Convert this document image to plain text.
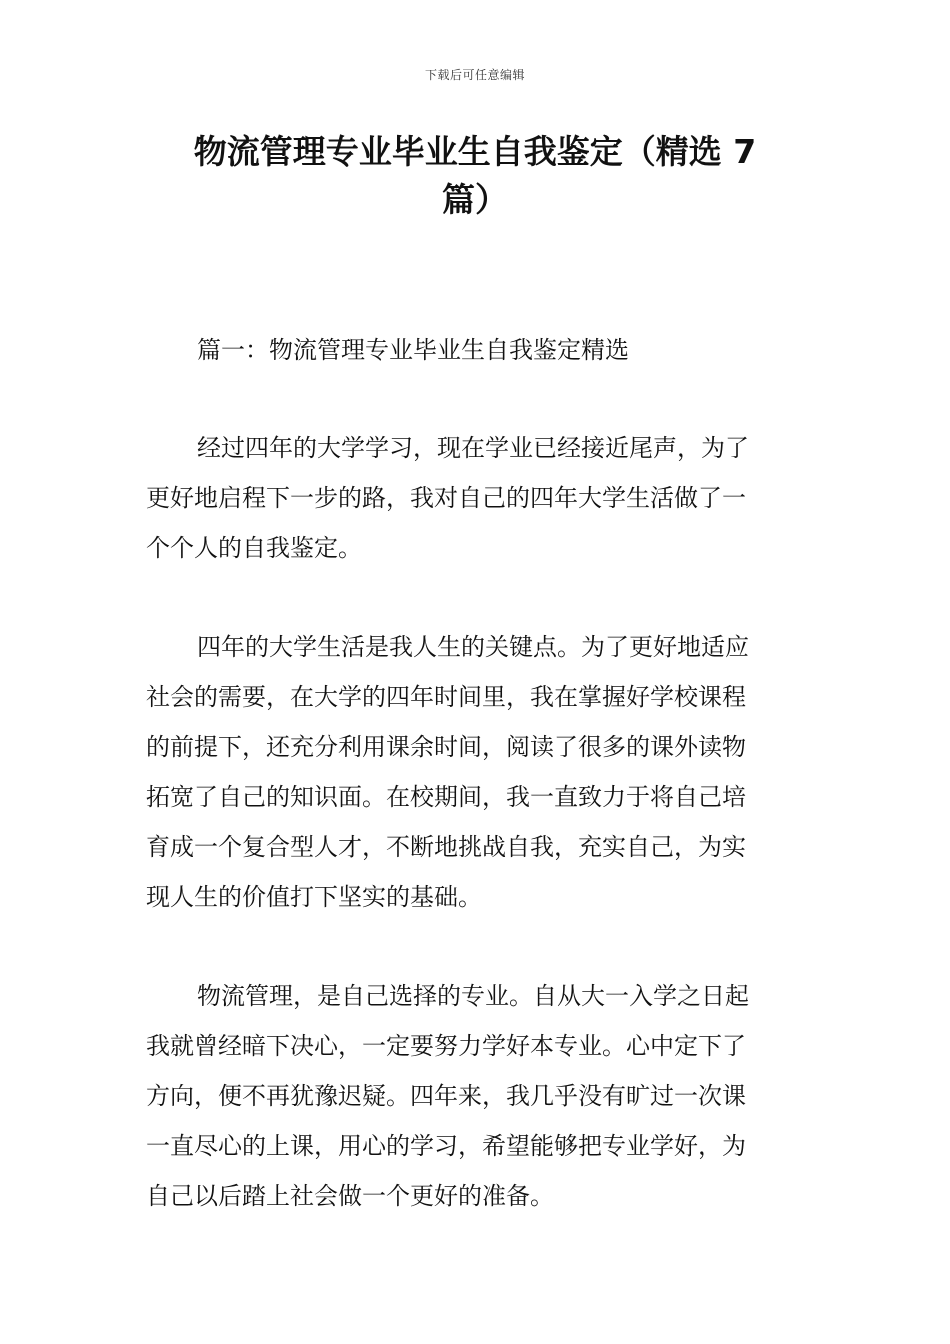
下载后可任意编辑
物流管理专业毕业生自我鉴定（精选 7
篇）
篇一：物流管理专业毕业生自我鉴定精选
经过四年的大学学习，现在学业已经接近尾声，为了
更好地启程下一步的路，我对自己的四年大学生活做了一
个个人的自我鉴定。
四年的大学生活是我人生的关键点。为了更好地适应
社会的需要，在大学的四年时间里，我在掌握好学校课程
的前提下，还充分利用课余时间，阅读了很多的课外读物
拓宽了自己的知识面。在校期间，我一直致力于将自己培
育成一个复合型人才，不断地挑战自我，充实自己，为实
现人生的价值打下坚实的基础。
物流管理，是自己选择的专业。自从大一入学之日起
我就曾经暗下决心，一定要努力学好本专业。心中定下了
方向，便不再犹豫迟疑。四年来，我几乎没有旷过一次课
一直尽心的上课，用心的学习，希望能够把专业学好，为
自己以后踏上社会做一个更好的准备。
